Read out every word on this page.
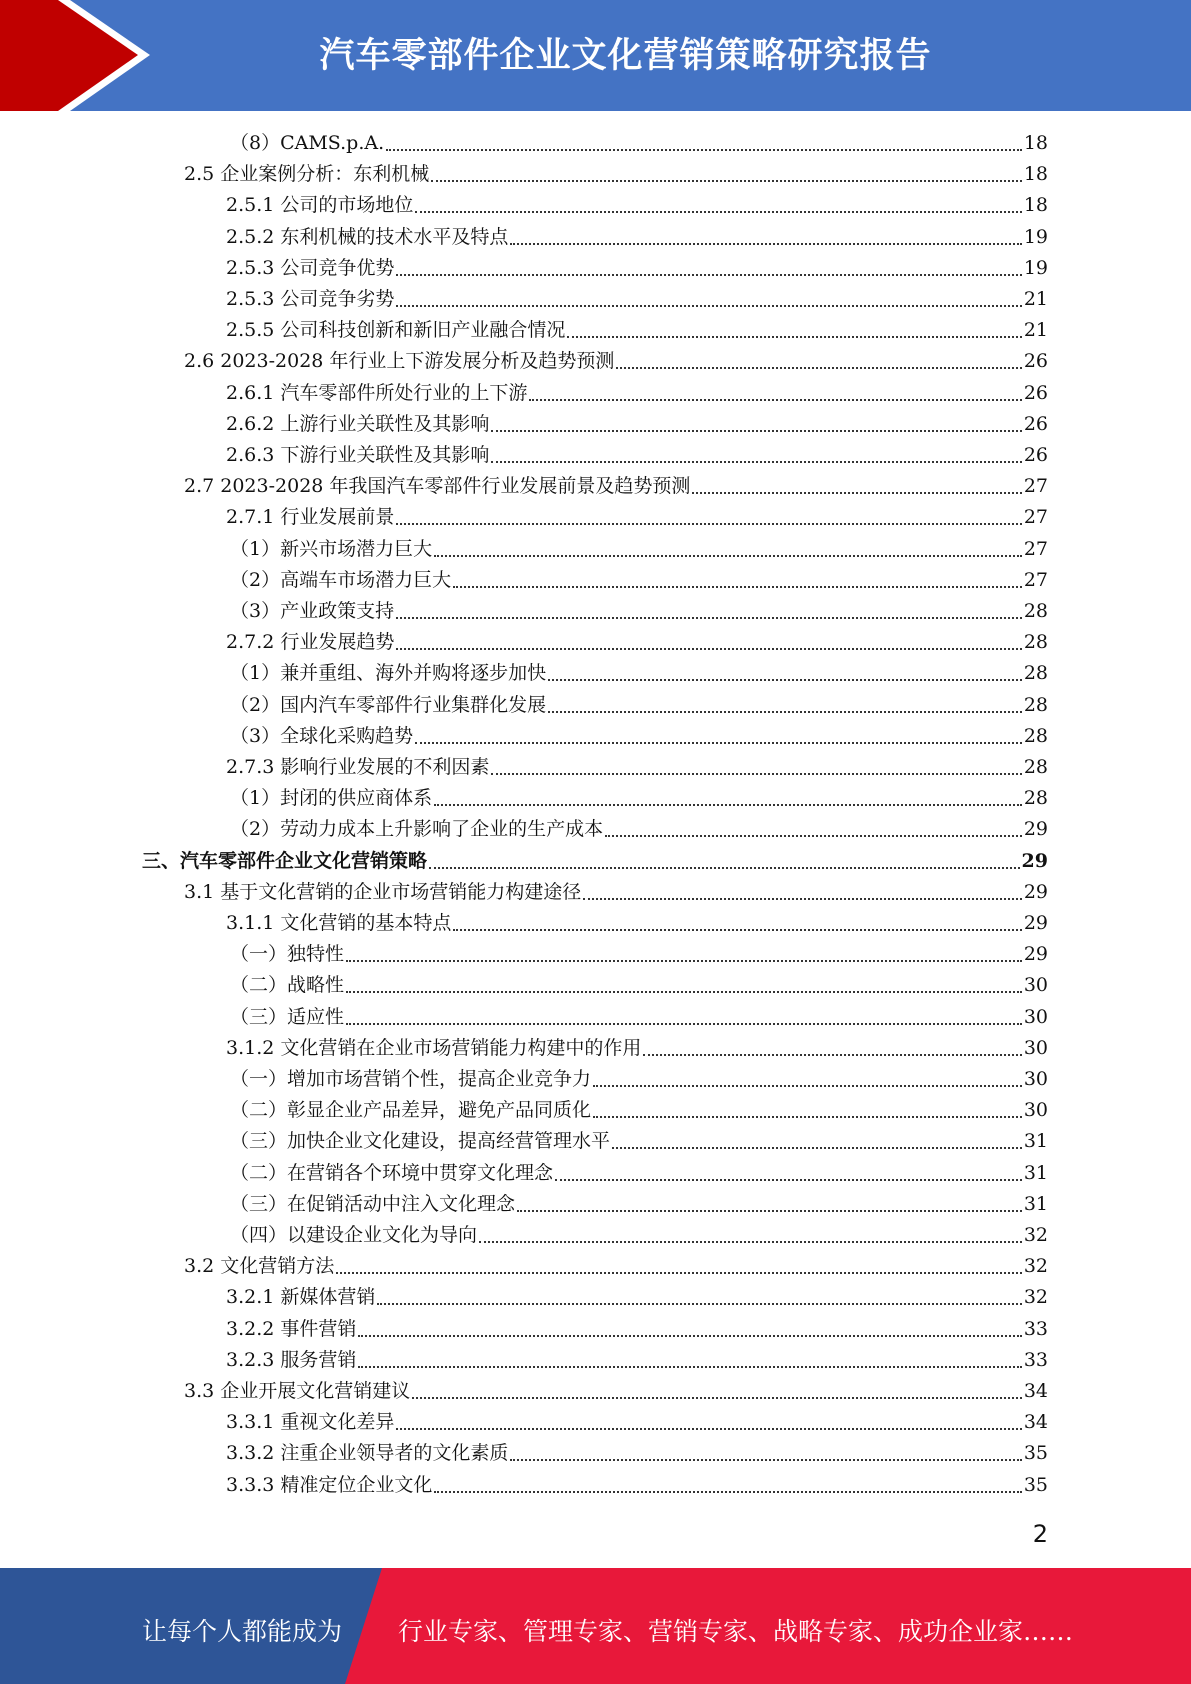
汽车零部件企业文化营销策略研究报告
（8）CAMS.p.A.	18
2.5 企业案例分析：东利机械	18
2.5.1 公司的市场地位	18
2.5.2 东利机械的技术水平及特点	19
2.5.3 公司竞争优势	19
2.5.3 公司竞争劣势	21
2.5.5 公司科技创新和新旧产业融合情况	21
2.6 2023-2028 年行业上下游发展分析及趋势预测	26
2.6.1 汽车零部件所处行业的上下游	26
2.6.2 上游行业关联性及其影响	26
2.6.3 下游行业关联性及其影响	26
2.7 2023-2028 年我国汽车零部件行业发展前景及趋势预测	27
2.7.1 行业发展前景	27
（1）新兴市场潜力巨大	27
（2）高端车市场潜力巨大	27
（3）产业政策支持	28
2.7.2 行业发展趋势	28
（1）兼并重组、海外并购将逐步加快	28
（2）国内汽车零部件行业集群化发展	28
（3）全球化采购趋势	28
2.7.3 影响行业发展的不利因素	28
（1）封闭的供应商体系	28
（2）劳动力成本上升影响了企业的生产成本	29
三、汽车零部件企业文化营销策略	29
3.1 基于文化营销的企业市场营销能力构建途径	29
3.1.1 文化营销的基本特点	29
（一）独特性	29
（二）战略性	30
（三）适应性	30
3.1.2 文化营销在企业市场营销能力构建中的作用	30
（一）增加市场营销个性，提高企业竞争力	30
（二）彰显企业产品差异，避免产品同质化	30
（三）加快企业文化建设，提高经营管理水平	31
（二）在营销各个环境中贯穿文化理念	31
（三）在促销活动中注入文化理念	31
（四）以建设企业文化为导向	32
3.2 文化营销方法	32
3.2.1 新媒体营销	32
3.2.2 事件营销	33
3.2.3 服务营销	33
3.3 企业开展文化营销建议	34
3.3.1 重视文化差异	34
3.3.2 注重企业领导者的文化素质	35
3.3.3 精准定位企业文化	35
2
让每个人都能成为 行业专家、管理专家、营销专家、战略专家、成功企业家……
